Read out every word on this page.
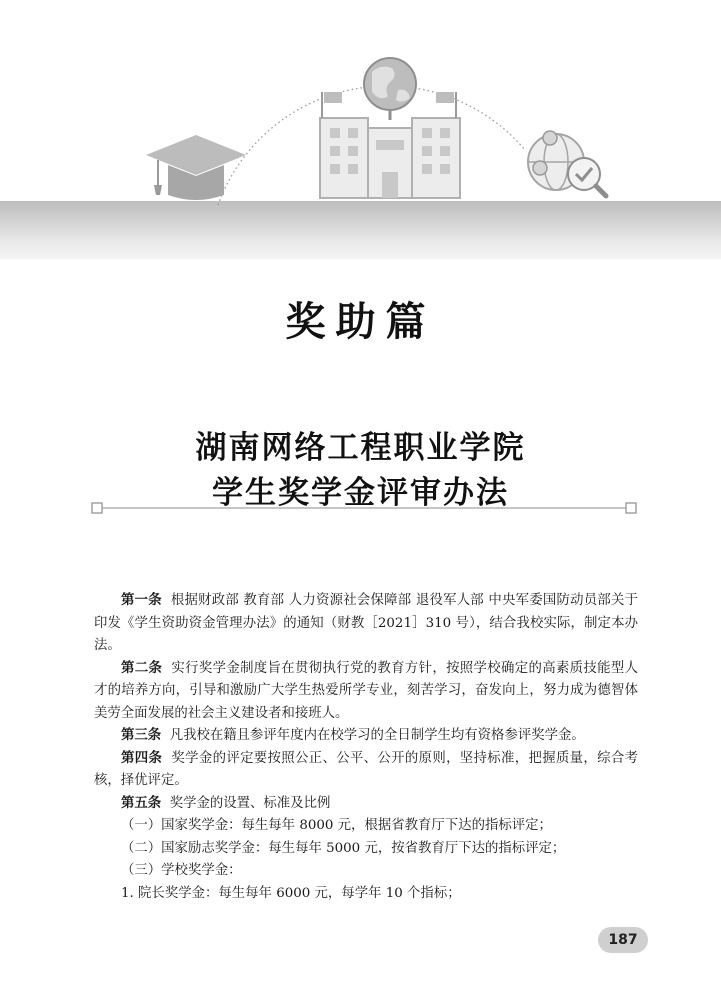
奖助篇
湖南网络工程职业学院
学生奖学金评审办法

第一条 根据财政部 教育部 人力资源社会保障部 退役军人部 中央军委国防动员部关于印发《学生资助资金管理办法》的通知（财教［2021］310 号），结合我校实际，制定本办法。

第二条 实行奖学金制度旨在贯彻执行党的教育方针，按照学校确定的高素质技能型人才的培养方向，引导和激励广大学生热爱所学专业，刻苦学习，奋发向上，努力成为德智体美劳全面发展的社会主义建设者和接班人。

第三条 凡我校在籍且参评年度内在校学习的全日制学生均有资格参评奖学金。

第四条 奖学金的评定要按照公正、公平、公开的原则，坚持标准，把握质量，综合考核，择优评定。

第五条 奖学金的设置、标准及比例

（一）国家奖学金：每生每年 8000 元，根据省教育厅下达的指标评定；

（二）国家励志奖学金：每生每年 5000 元，按省教育厅下达的指标评定；

（三）学校奖学金：

1. 院长奖学金：每生每年 6000 元，每学年 10 个指标；

187
